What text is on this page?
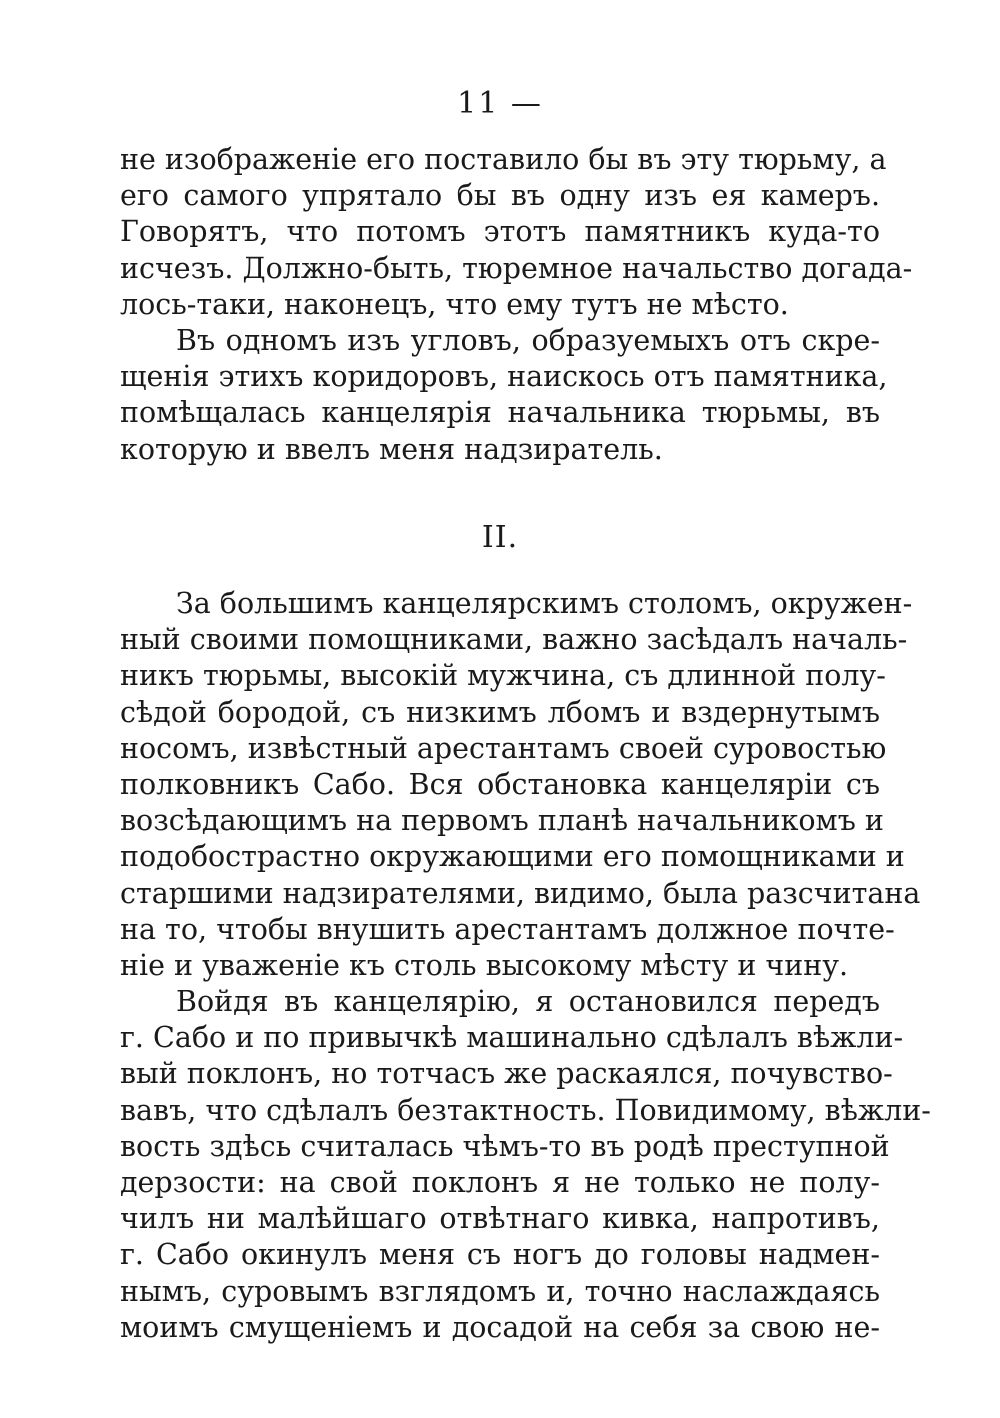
11 —
не изображеніе его поставило бы въ эту тюрьму, а
его самого упрятало бы въ одну изъ ея камеръ.
Говорятъ, что потомъ этотъ памятникъ куда-то
исчезъ. Должно-быть, тюремное начальство догада-
лось-таки, наконецъ, что ему тутъ не мѣсто.
Въ одномъ изъ угловъ, образуемыхъ отъ скре-
щенія этихъ коридоровъ, наискось отъ памятника,
помѣщалась канцелярія начальника тюрьмы, въ
которую и ввелъ меня надзиратель.
II.
За большимъ канцелярскимъ столомъ, окружен-
ный своими помощниками, важно засѣдалъ началь-
никъ тюрьмы, высокій мужчина, съ длинной полу-
сѣдой бородой, съ низкимъ лбомъ и вздернутымъ
носомъ, извѣстный арестантамъ своей суровостью
полковникъ Сабо. Вся обстановка канцеляріи съ
возсѣдающимъ на первомъ планѣ начальникомъ и
подобострастно окружающими его помощниками и
старшими надзирателями, видимо, была разсчитана
на то, чтобы внушить арестантамъ должное почте-
ніе и уваженіе къ столь высокому мѣсту и чину.
Войдя въ канцелярію, я остановился передъ
г. Сабо и по привычкѣ машинально сдѣлалъ вѣжли-
вый поклонъ, но тотчасъ же раскаялся, почувство-
вавъ, что сдѣлалъ безтактность. Повидимому, вѣжли-
вость здѣсь считалась чѣмъ-то въ родѣ преступной
дерзости: на свой поклонъ я не только не полу-
чилъ ни малѣйшаго отвѣтнаго кивка, напротивъ,
г. Сабо окинулъ меня съ ногъ до головы надмен-
нымъ, суровымъ взглядомъ и, точно наслаждаясь
моимъ смущеніемъ и досадой на себя за свою не-
